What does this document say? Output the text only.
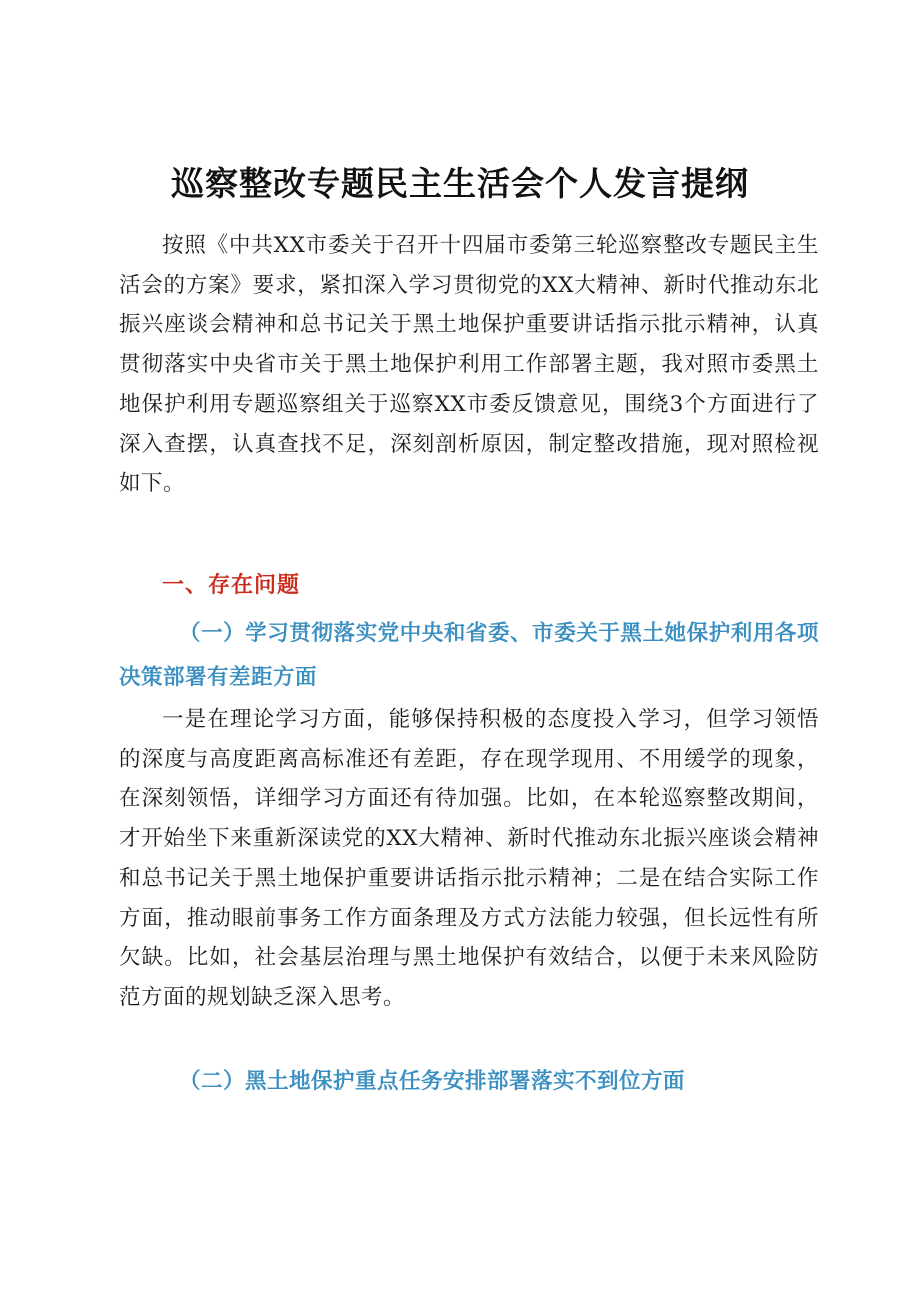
巡察整改专题民主生活会个人发言提纲

按照《中共XX市委关于召开十四届市委第三轮巡察整改专题民主生活会的方案》要求，紧扣深入学习贯彻党的XX大精神、新时代推动东北振兴座谈会精神和总书记关于黑土地保护重要讲话指示批示精神，认真贯彻落实中央省市关于黑土地保护利用工作部署主题，我对照市委黑土地保护利用专题巡察组关于巡察XX市委反馈意见，围绕3个方面进行了深入查摆，认真查找不足，深刻剖析原因，制定整改措施，现对照检视如下。

一、存在问题
（一）学习贯彻落实党中央和省委、市委关于黑土她保护利用各项决策部署有差距方面

一是在理论学习方面，能够保持积极的态度投入学习，但学习领悟的深度与高度距离高标准还有差距，存在现学现用、不用缓学的现象，在深刻领悟，详细学习方面还有待加强。比如，在本轮巡察整改期间，才开始坐下来重新深读党的XX大精神、新时代推动东北振兴座谈会精神和总书记关于黑土地保护重要讲话指示批示精神；二是在结合实际工作方面，推动眼前事务工作方面条理及方式方法能力较强，但长远性有所欠缺。比如，社会基层治理与黑土地保护有效结合，以便于未来风险防范方面的规划缺乏深入思考。

（二）黑土地保护重点任务安排部署落实不到位方面
